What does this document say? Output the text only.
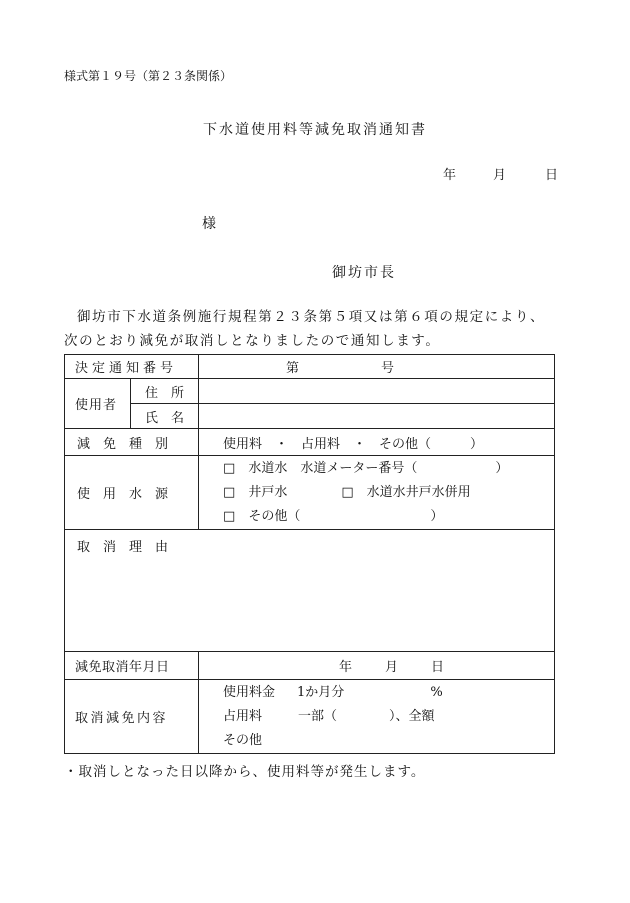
様式第１９号（第２３条関係）
下水道使用料等減免取消通知書
年	月	日
様
御坊市長
御坊市下水道条例施行規程第２３条第５項又は第６項の規定により、
次のとおり減免が取消しとなりましたので通知します。
決定通知番号		第 号
使用者	住　所	
	氏　名	
減　免　種　別		使用料　・　占用料　・　その他（　　　）
使　用　水　源		□　 水道水　水道メーター番号（　　　　　　）
□　 井戸水 □　 水道水井戸水併用
□　 その他（　　　　　　　　　　）

取　消　理　由		
減免取消年月日		年 月 日
取消減免内容		使用料金 1か月分 %
占用料 一部（　　　　）、全額
その他
・取消しとなった日以降から、使用料等が発生します。
